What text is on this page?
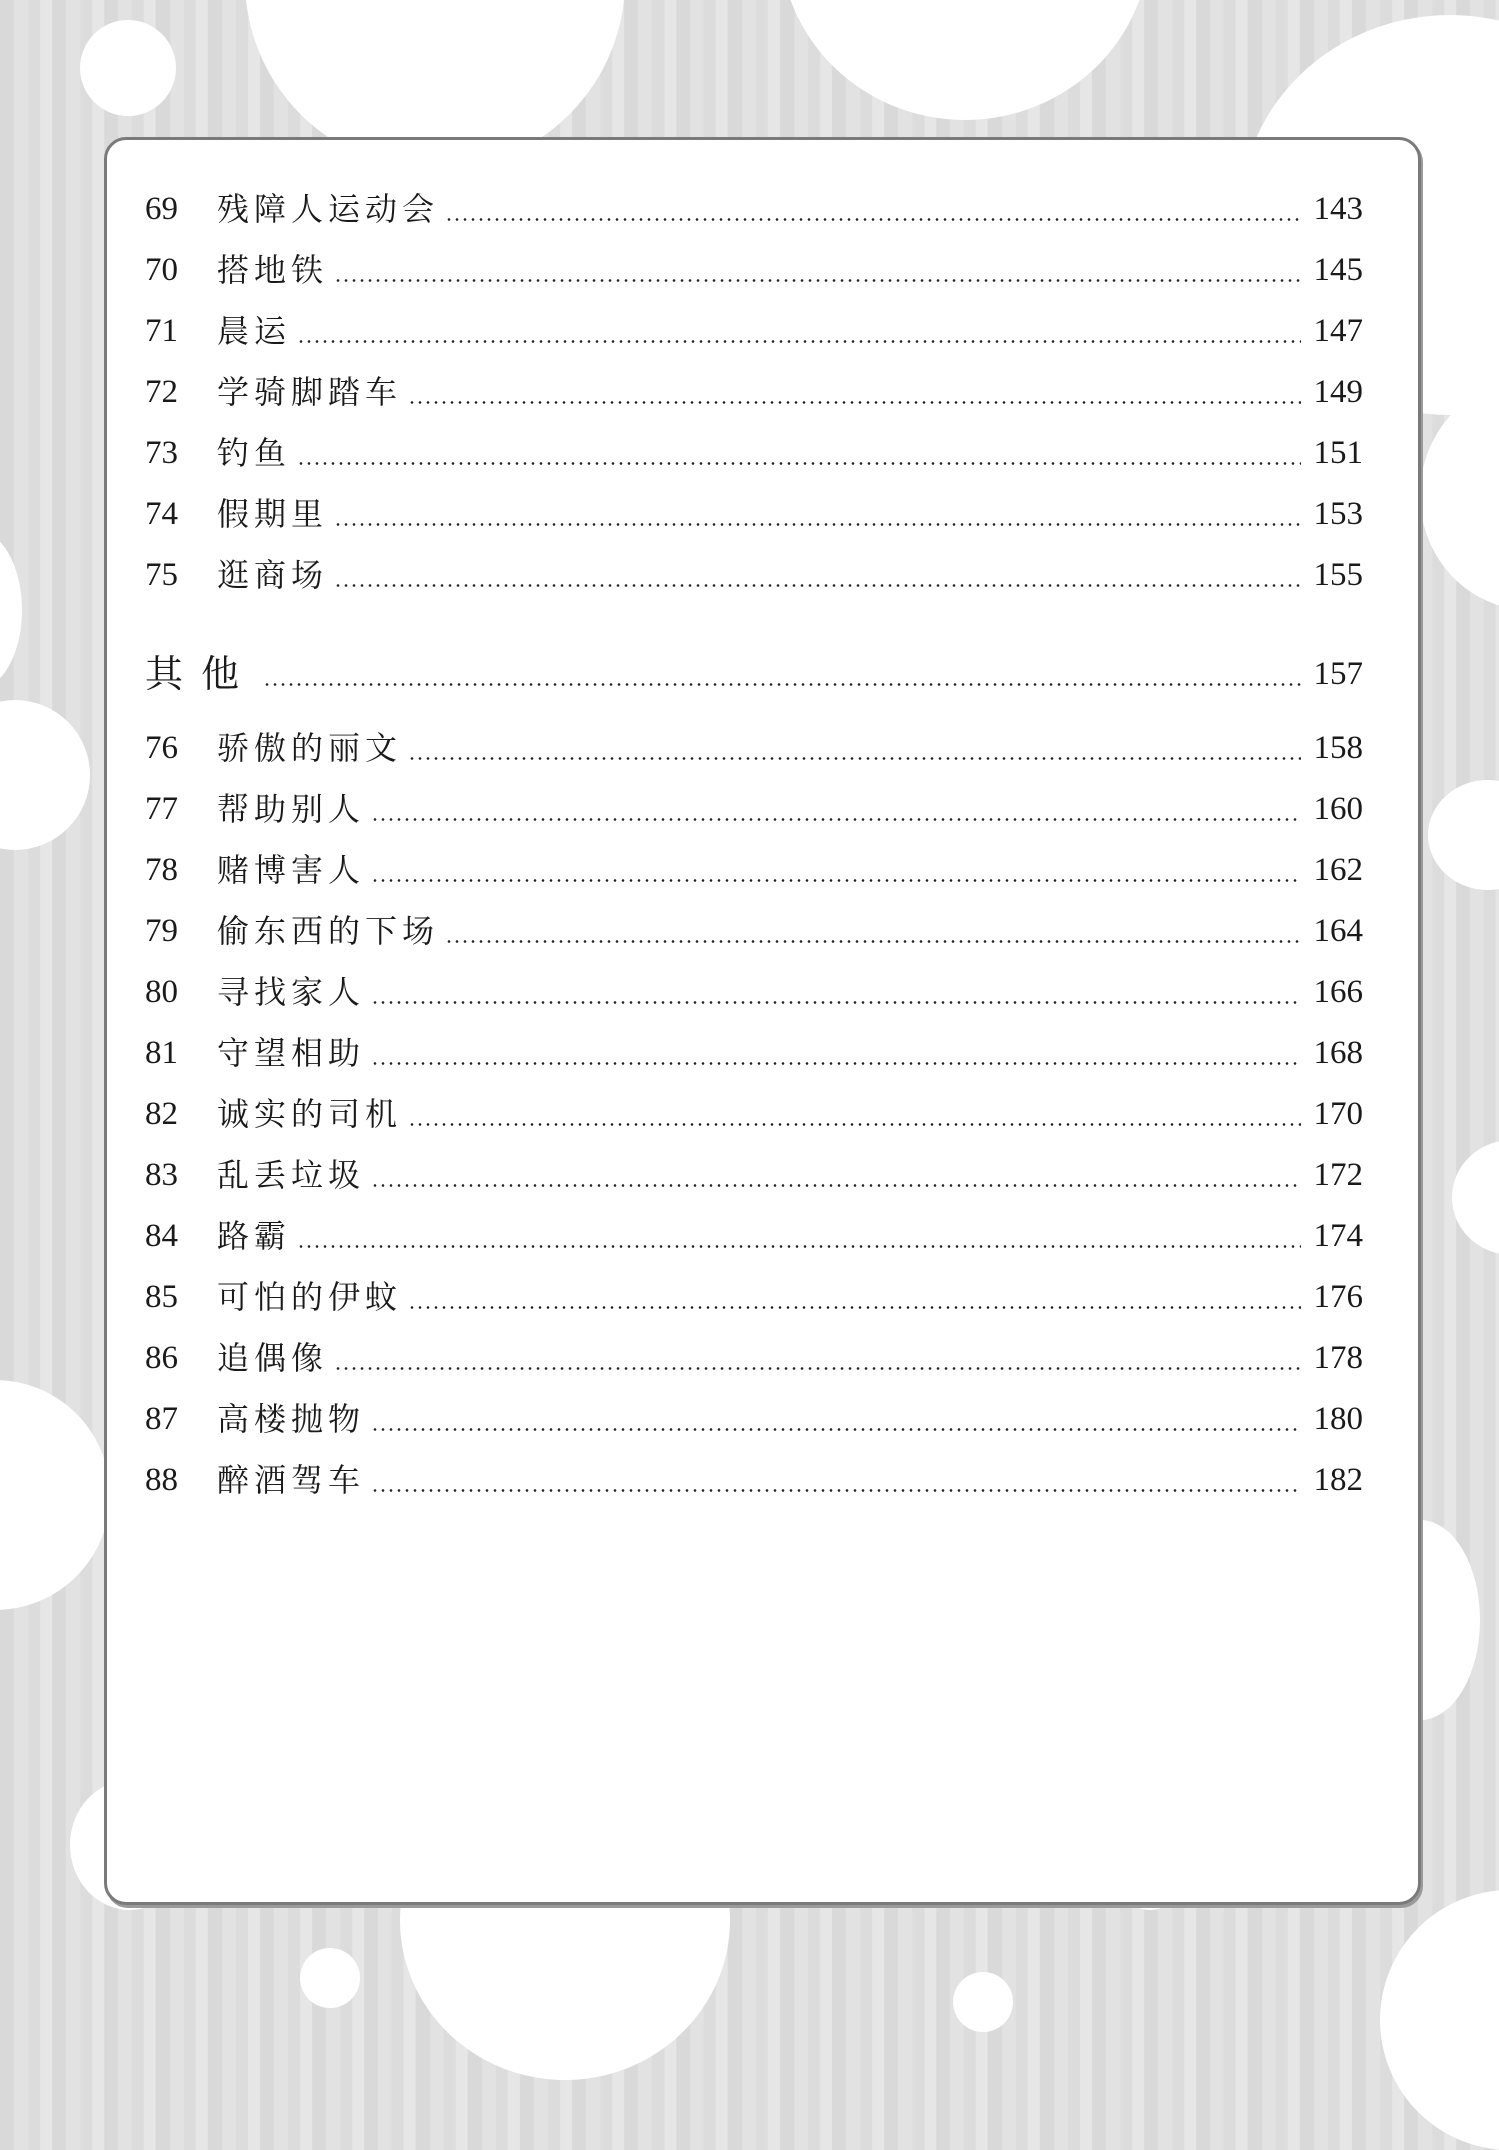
69	残障人运动会	143
70	搭地铁	145
71	晨运	147
72	学骑脚踏车	149
73	钓鱼	151
74	假期里	153
75	逛商场	155
其他	157
76	骄傲的丽文	158
77	帮助别人	160
78	赌博害人	162
79	偷东西的下场	164
80	寻找家人	166
81	守望相助	168
82	诚实的司机	170
83	乱丢垃圾	172
84	路霸	174
85	可怕的伊蚊	176
86	追偶像	178
87	高楼抛物	180
88	醉酒驾车	182
